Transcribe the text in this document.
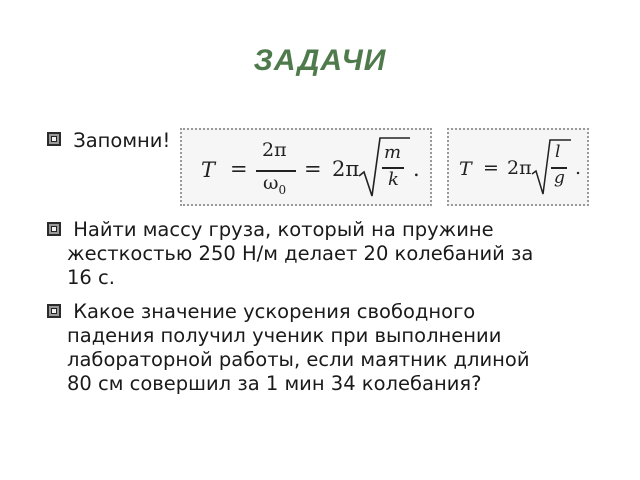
ЗАДАЧИ
Запомни!
T =
2π
$\omega_0$
= 2π
m
k . T = 2π
l
g .
Найти массу груза, который на пружине
жесткостью 250 Н/м делает 20 колебаний за
16 с.
Какое значение ускорения свободного
падения получил ученик при выполнении
лабораторной работы, если маятник длиной
80 см совершил за 1 мин 34 колебания?
